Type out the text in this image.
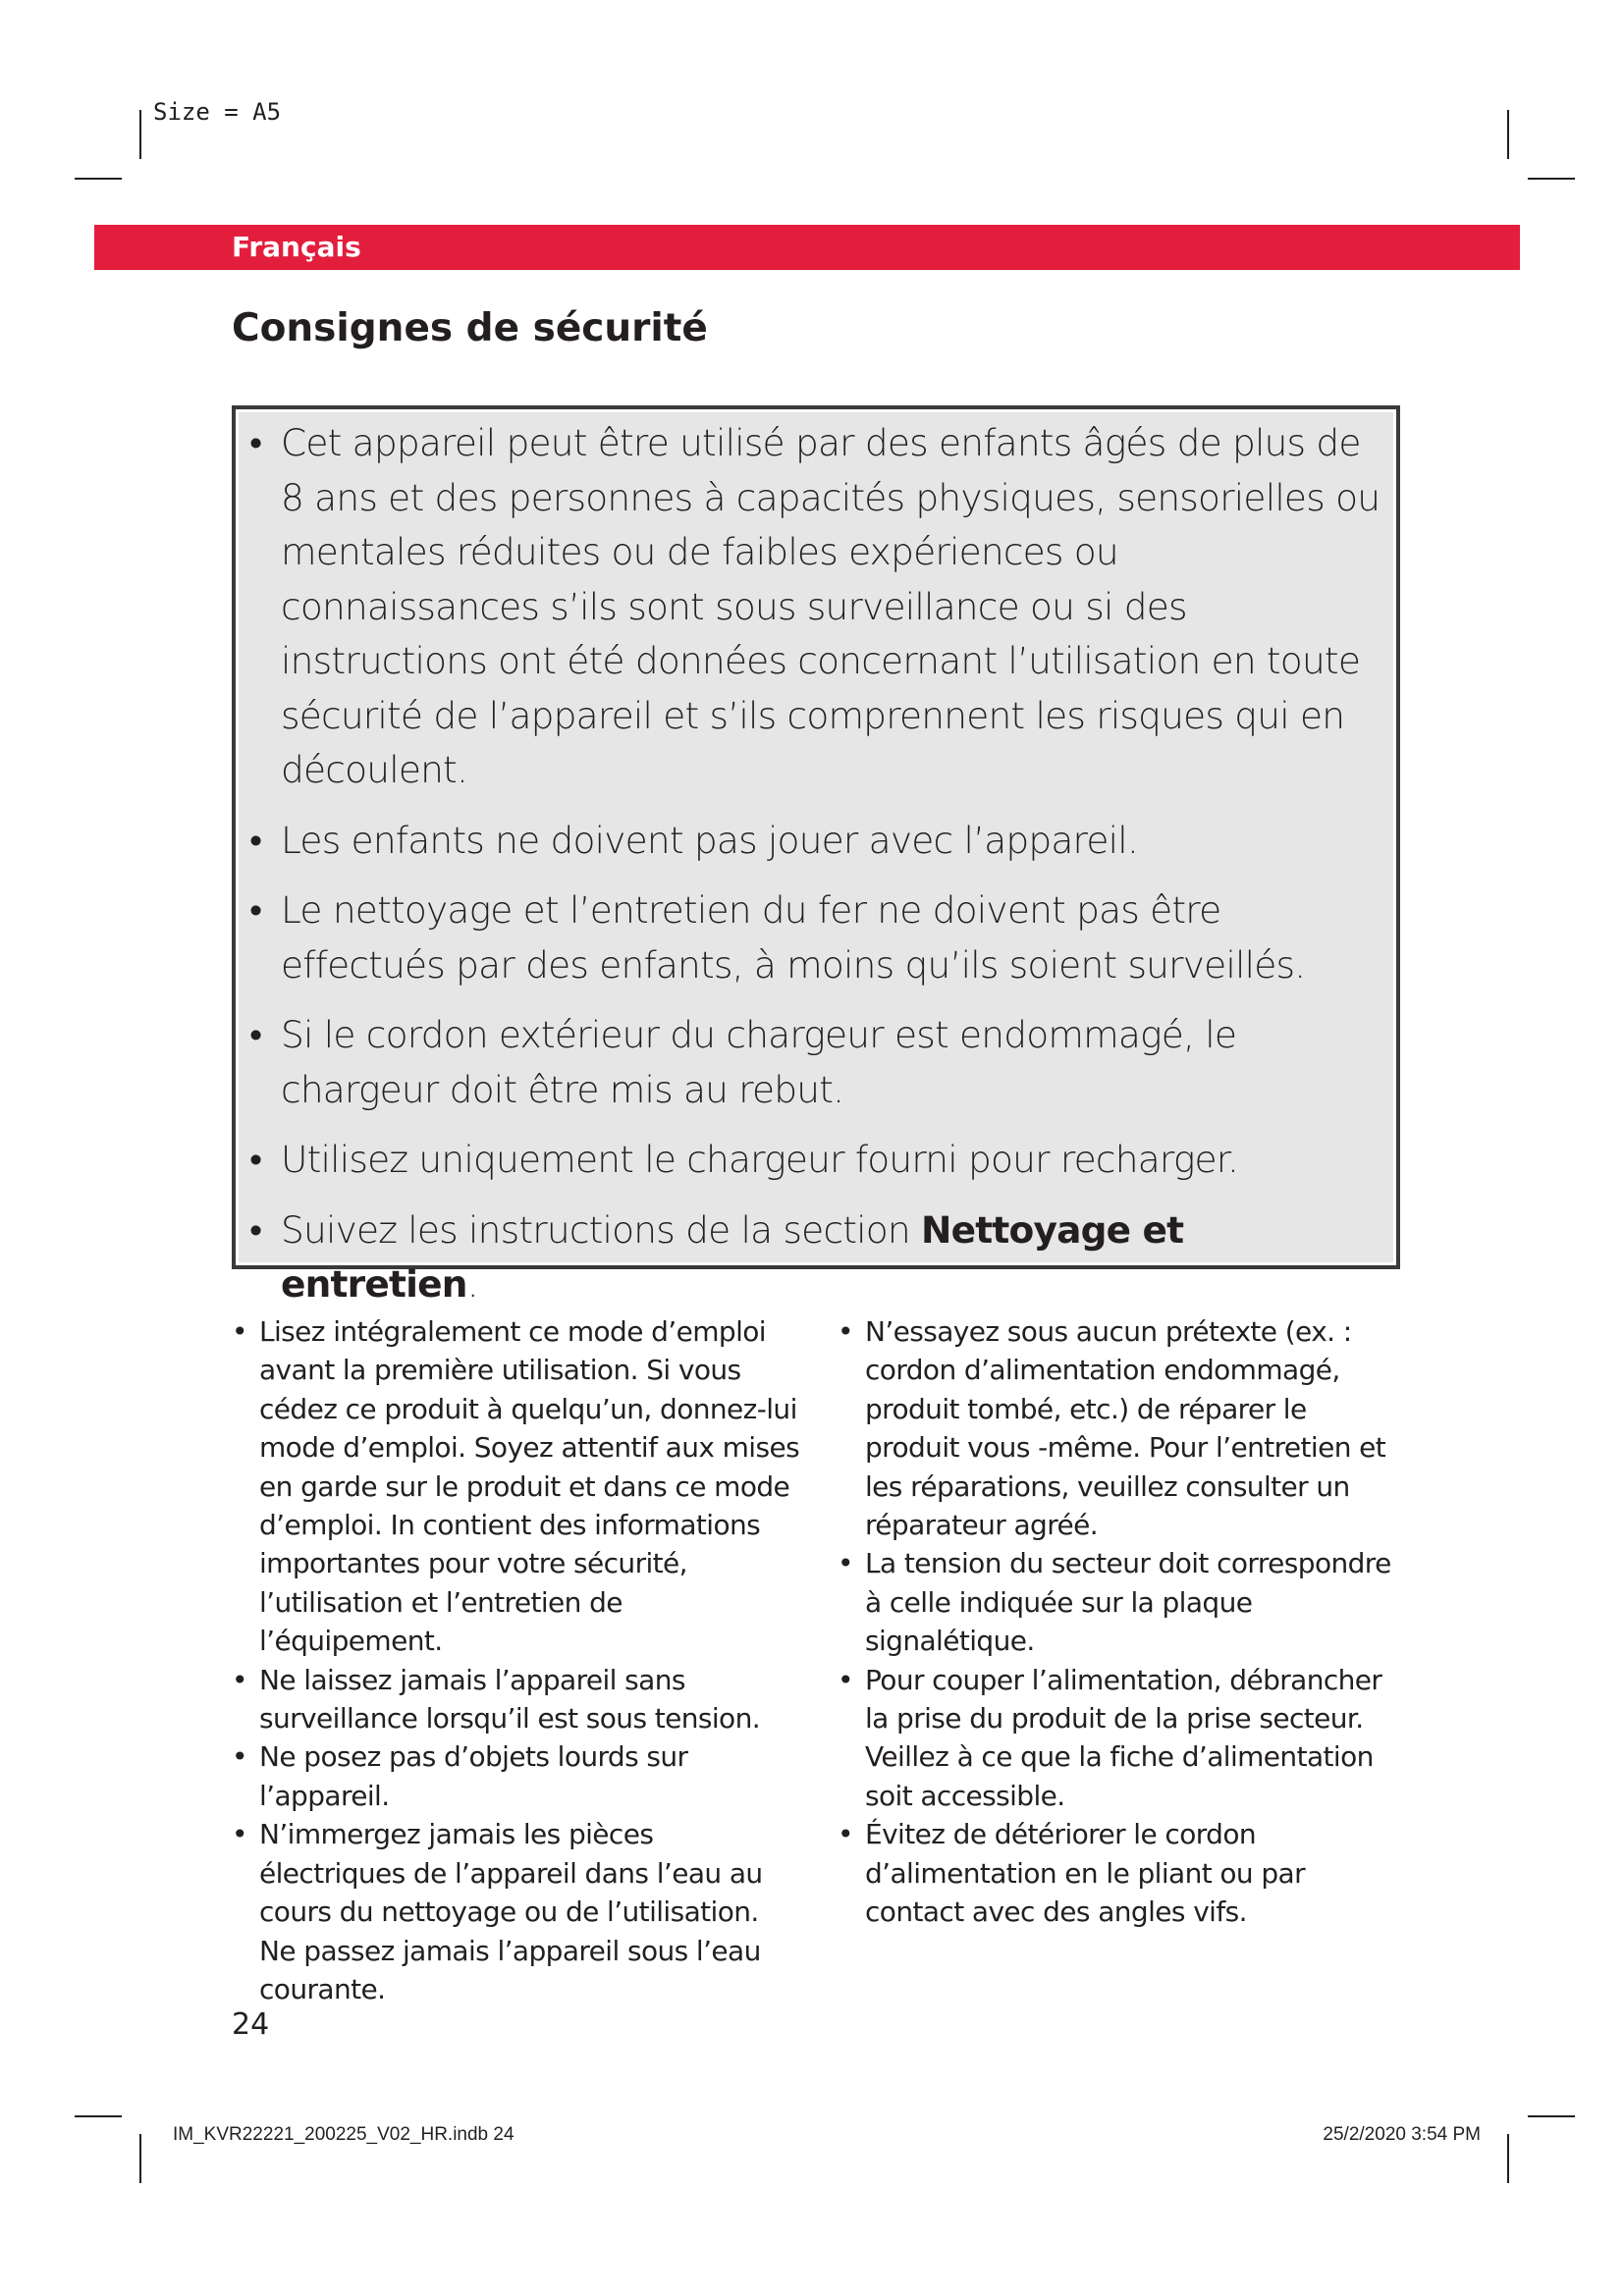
Size = A5
Français
Consignes de sécurité
• Cet appareil peut être utilisé par des enfants âgés de plus de 8 ans et des personnes à capacités physiques, sensorielles ou mentales réduites ou de faibles expériences ou connaissances s’ils sont sous surveillance ou si des instructions ont été données concernant l’utilisation en toute sécurité de l’appareil et s’ils comprennent les risques qui en découlent.
• Les enfants ne doivent pas jouer avec l’appareil.
• Le nettoyage et l’entretien du fer ne doivent pas être effectués par des enfants, à moins qu’ils soient surveillés.
• Si le cordon extérieur du chargeur est endommagé, le chargeur doit être mis au rebut.
• Utilisez uniquement le chargeur fourni pour recharger.
• Suivez les instructions de la section Nettoyage et entretien.
• Lisez intégralement ce mode d’emploi avant la première utilisation. Si vous cédez ce produit à quelqu’un, donnez-lui mode d’emploi. Soyez attentif aux mises en garde sur le produit et dans ce mode d’emploi. In contient des informations importantes pour votre sécurité, l’utilisation et l’entretien de l’équipement.
• Ne laissez jamais l’appareil sans surveillance lorsqu’il est sous tension.
• Ne posez pas d’objets lourds sur l’appareil.
• N’immergez jamais les pièces électriques de l’appareil dans l’eau au cours du nettoyage ou de l’utilisation. Ne passez jamais l’appareil sous l’eau courante.
• N’essayez sous aucun prétexte (ex. : cordon d’alimentation endommagé, produit tombé, etc.) de réparer le produit vous -même. Pour l’entretien et les réparations, veuillez consulter un réparateur agréé.
• La tension du secteur doit correspondre à celle indiquée sur la plaque signalétique.
• Pour couper l’alimentation, débrancher la prise du produit de la prise secteur. Veillez à ce que la fiche d’alimentation soit accessible.
• Évitez de détériorer le cordon d’alimentation en le pliant ou par contact avec des angles vifs.
24
IM_KVR22221_200225_V02_HR.indb 24	25/2/2020 3:54 PM
